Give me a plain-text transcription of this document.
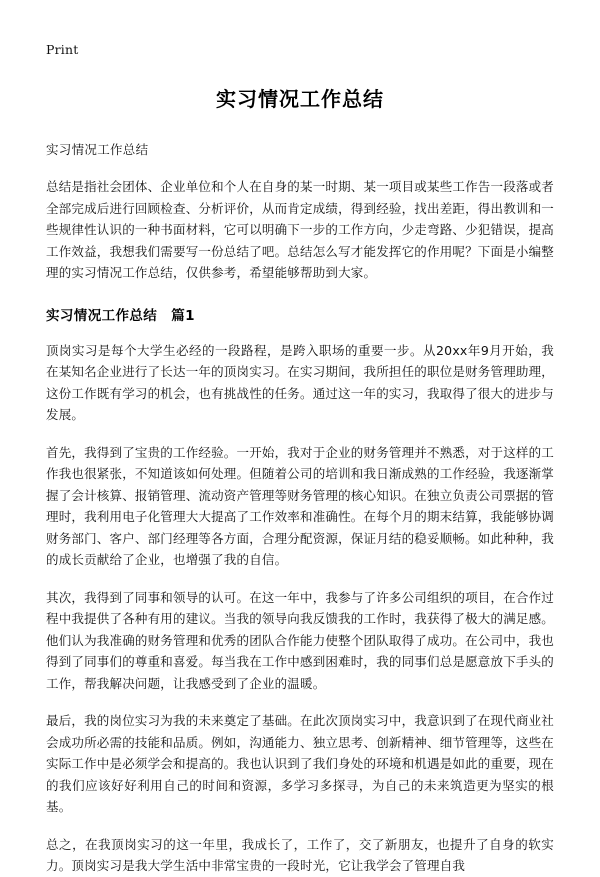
Print
实习情况工作总结
实习情况工作总结

总结是指社会团体、企业单位和个人在自身的某一时期、某一项目或某些工作告一段落或者全部完成后进行回顾检查、分析评价，从而肯定成绩，得到经验，找出差距，得出教训和一些规律性认识的一种书面材料，它可以明确下一步的工作方向，少走弯路、少犯错误，提高工作效益，我想我们需要写一份总结了吧。总结怎么写才能发挥它的作用呢？下面是小编整理的实习情况工作总结，仅供参考，希望能够帮助到大家。

实习情况工作总结 篇1

顶岗实习是每个大学生必经的一段路程，是跨入职场的重要一步。从20xx年9月开始，我在某知名企业进行了长达一年的顶岗实习。在实习期间，我所担任的职位是财务管理助理，这份工作既有学习的机会，也有挑战性的任务。通过这一年的实习，我取得了很大的进步与发展。

首先，我得到了宝贵的工作经验。一开始，我对于企业的财务管理并不熟悉，对于这样的工作我也很紧张，不知道该如何处理。但随着公司的培训和我日渐成熟的工作经验，我逐渐掌握了会计核算、报销管理、流动资产管理等财务管理的核心知识。在独立负责公司票据的管理时，我利用电子化管理大大提高了工作效率和准确性。在每个月的期末结算，我能够协调财务部门、客户、部门经理等各方面，合理分配资源，保证月结的稳妥顺畅。如此种种，我的成长贡献给了企业，也增强了我的自信。

其次，我得到了同事和领导的认可。在这一年中，我参与了许多公司组织的项目，在合作过程中我提供了各种有用的建议。当我的领导向我反馈我的工作时，我获得了极大的满足感。他们认为我准确的财务管理和优秀的团队合作能力使整个团队取得了成功。在公司中，我也得到了同事们的尊重和喜爱。每当我在工作中感到困难时，我的同事们总是愿意放下手头的工作，帮我解决问题，让我感受到了企业的温暖。

最后，我的岗位实习为我的未来奠定了基础。在此次顶岗实习中，我意识到了在现代商业社会成功所必需的技能和品质。例如，沟通能力、独立思考、创新精神、细节管理等，这些在实际工作中是必须学会和提高的。我也认识到了我们身处的环境和机遇是如此的重要，现在的我们应该好好利用自己的时间和资源，多学习多探寻，为自己的未来筑造更为坚实的根基。

总之，在我顶岗实习的这一年里，我成长了，工作了，交了新朋友，也提升了自身的软实力。顶岗实习是我大学生活中非常宝贵的一段时光，它让我学会了管理自我
